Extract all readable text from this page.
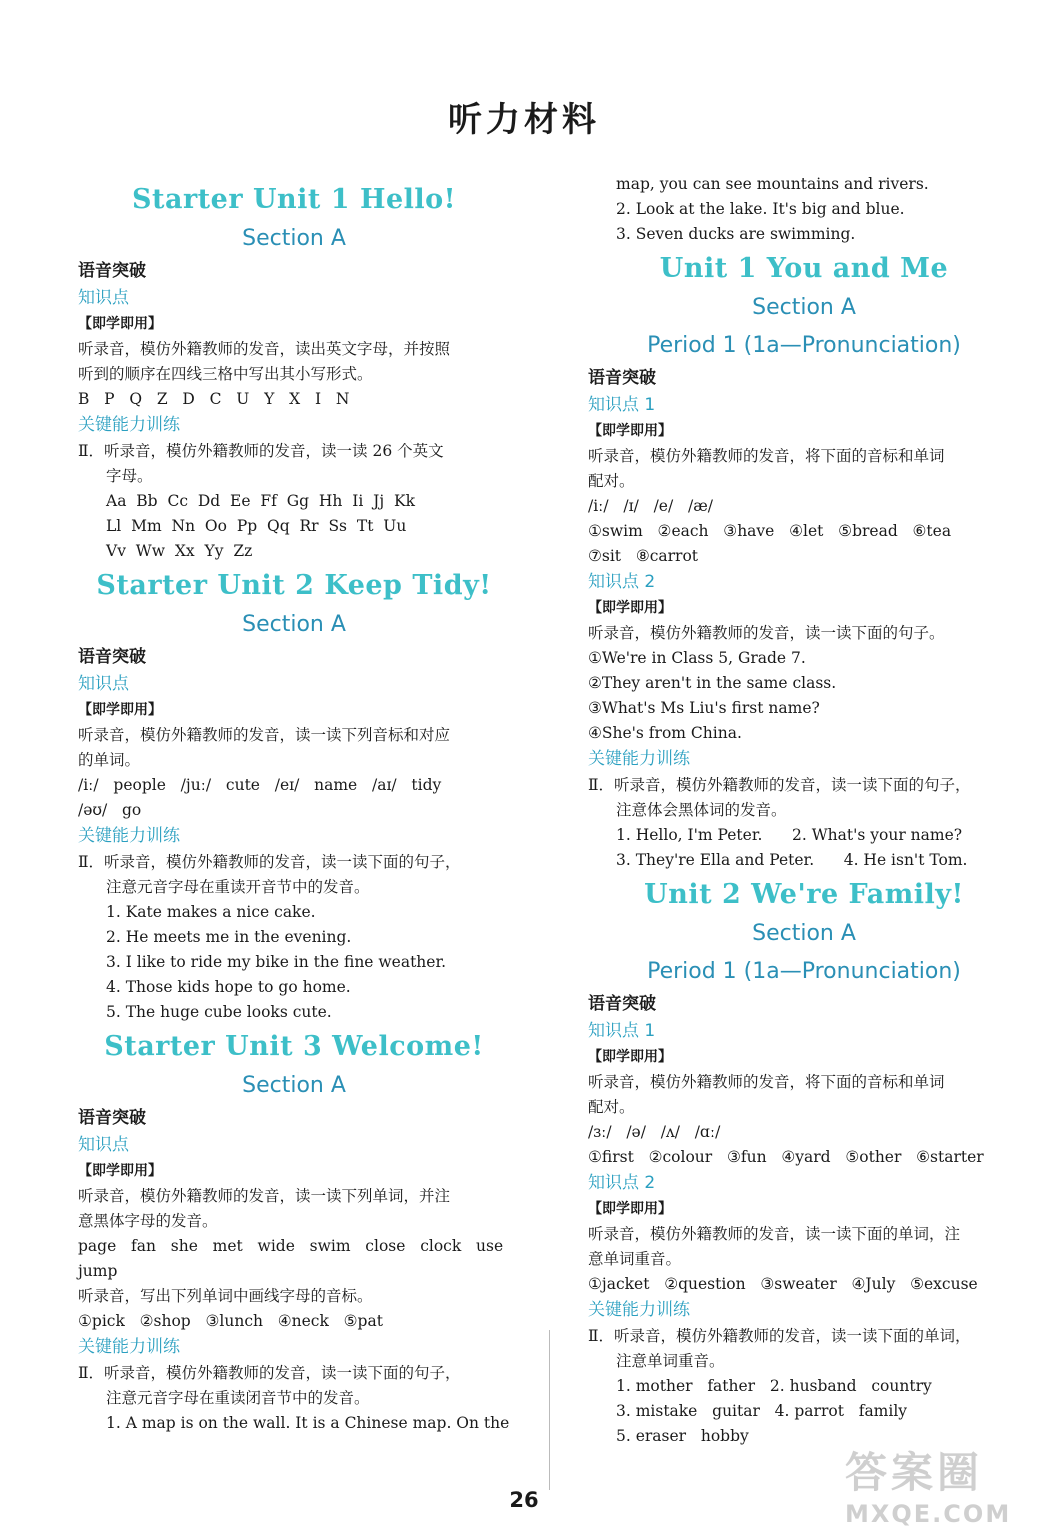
听力材料
Starter Unit 1 Hello!
Section A
语音突破
知识点
【即学即用】
听录音，模仿外籍教师的发音，读出英文字母，并按照
听到的顺序在四线三格中写出其小写形式。
B   P   Q   Z   D   C   U   Y   X   I   N
关键能力训练
Ⅱ．听录音，模仿外籍教师的发音，读一读 26 个英文
字母。
Aa  Bb  Cc  Dd  Ee  Ff  Gg  Hh  Ii  Jj  Kk
Ll  Mm  Nn  Oo  Pp  Qq  Rr  Ss  Tt  Uu
Vv  Ww  Xx  Yy  Zz
Starter Unit 2 Keep Tidy!
Section A
语音突破
知识点
【即学即用】
听录音，模仿外籍教师的发音，读一读下列音标和对应
的单词。
/iː/   people   /juː/   cute   /eɪ/   name   /aɪ/   tidy
/əʊ/   go
关键能力训练
Ⅱ．听录音，模仿外籍教师的发音，读一读下面的句子，
注意元音字母在重读开音节中的发音。
1. Kate makes a nice cake.
2. He meets me in the evening.
3. I like to ride my bike in the fine weather.
4. Those kids hope to go home.
5. The huge cube looks cute.
Starter Unit 3 Welcome!
Section A
语音突破
知识点
【即学即用】
听录音，模仿外籍教师的发音，读一读下列单词，并注
意黑体字母的发音。
page   fan   she   met   wide   swim   close   clock   use
jump
听录音，写出下列单词中画线字母的音标。
①pick   ②shop   ③lunch   ④neck   ⑤pat
关键能力训练
Ⅱ．听录音，模仿外籍教师的发音，读一读下面的句子，
注意元音字母在重读闭音节中的发音。
1. A map is on the wall. It is a Chinese map. On the
map, you can see mountains and rivers.
2. Look at the lake. It's big and blue.
3. Seven ducks are swimming.
Unit 1 You and Me
Section A
Period 1 (1a—Pronunciation)
语音突破
知识点 1
【即学即用】
听录音，模仿外籍教师的发音，将下面的音标和单词
配对。
/iː/   /ɪ/   /e/   /æ/
①swim   ②each   ③have   ④let   ⑤bread   ⑥tea
⑦sit   ⑧carrot
知识点 2
【即学即用】
听录音，模仿外籍教师的发音，读一读下面的句子。
①We're in Class 5, Grade 7.
②They aren't in the same class.
③What's Ms Liu's first name?
④She's from China.
关键能力训练
Ⅱ．听录音，模仿外籍教师的发音，读一读下面的句子，
注意体会黑体词的发音。
1. Hello, I'm Peter.      2. What's your name?
3. They're Ella and Peter.      4. He isn't Tom.
Unit 2 We're Family!
Section A
Period 1 (1a—Pronunciation)
语音突破
知识点 1
【即学即用】
听录音，模仿外籍教师的发音，将下面的音标和单词
配对。
/ɜː/   /ə/   /ʌ/   /ɑː/
①first   ②colour   ③fun   ④yard   ⑤other   ⑥starter
知识点 2
【即学即用】
听录音，模仿外籍教师的发音，读一读下面的单词，注
意单词重音。
①jacket   ②question   ③sweater   ④July   ⑤excuse
关键能力训练
Ⅱ．听录音，模仿外籍教师的发音，读一读下面的单词，
注意单词重音。
1. mother   father   2. husband   country
3. mistake   guitar   4. parrot   family
5. eraser   hobby
26
答案圈
MXQE.COM
